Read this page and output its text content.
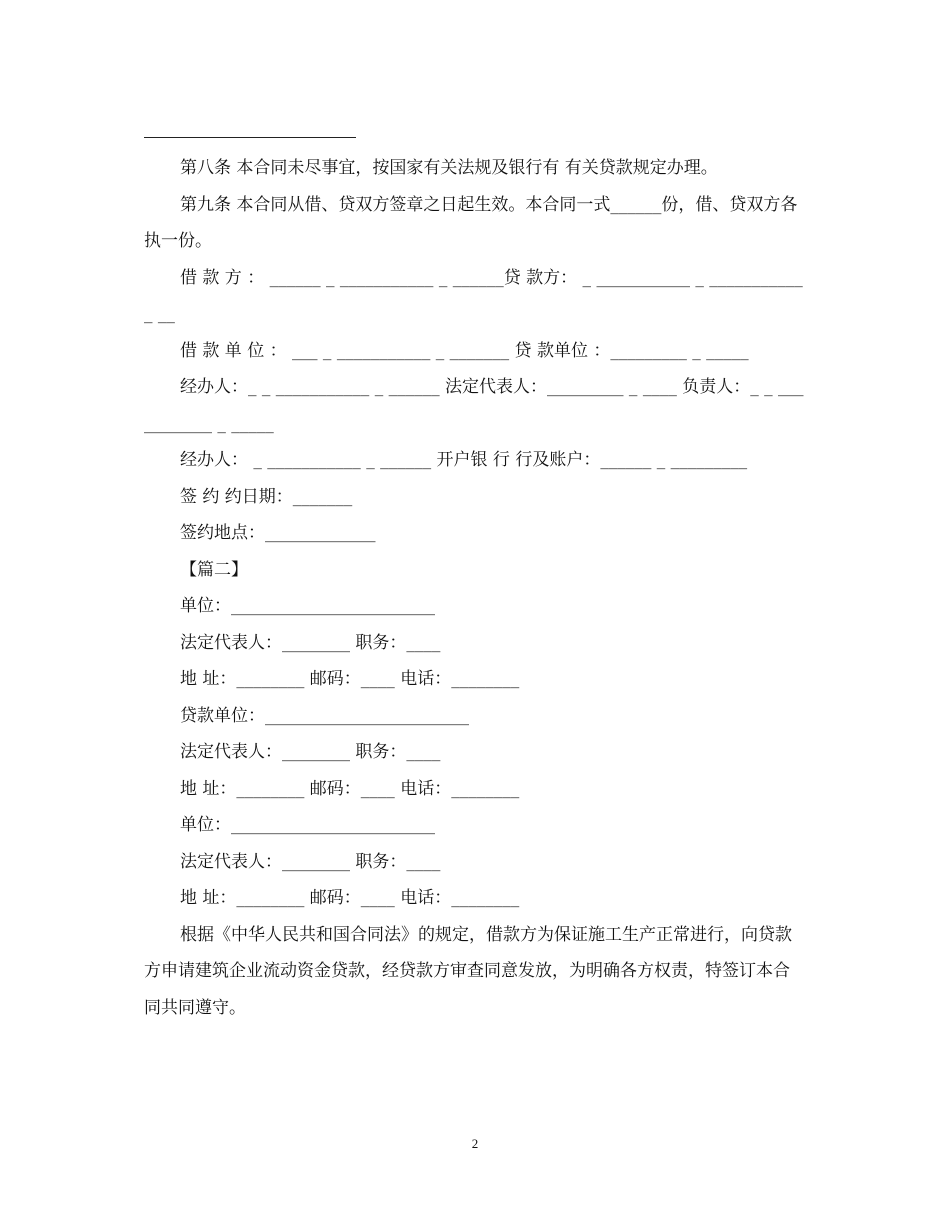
第八条 本合同未尽事宜，按国家有关法规及银行有 有关贷款规定办理。

第九条 本合同从借、贷双方签章之日起生效。本合同一式______份，借、贷双方各执一份。

借 款 方 ： ______ _ ___________ _ ______贷 款方： _ ___________ _ ___________ _ __

借 款 单 位 ： ___ _ ___________ _ _______ 贷 款单位 ：_________ _ _____

经办人：_ _ ___________ _ ______ 法定代表人：_________ _ ____ 负责人：_ _ ___________ _ _____

经办人： _ ___________ _ ______ 开户银 行 行及账户：______ _ _________

签 约 约日期：_______

签约地点：_____________

【篇二】

单位：________________________

法定代表人：________ 职务：____

地 址：________ 邮码：____ 电话：________

贷款单位：________________________

法定代表人：________ 职务：____

地 址：________ 邮码：____ 电话：________

单位：________________________

法定代表人：________ 职务：____

地 址：________ 邮码：____ 电话：________

根据《中华人民共和国合同法》的规定，借款方为保证施工生产正常进行，向贷款方申请建筑企业流动资金贷款，经贷款方审查同意发放，为明确各方权责，特签订本合同共同遵守。

2
